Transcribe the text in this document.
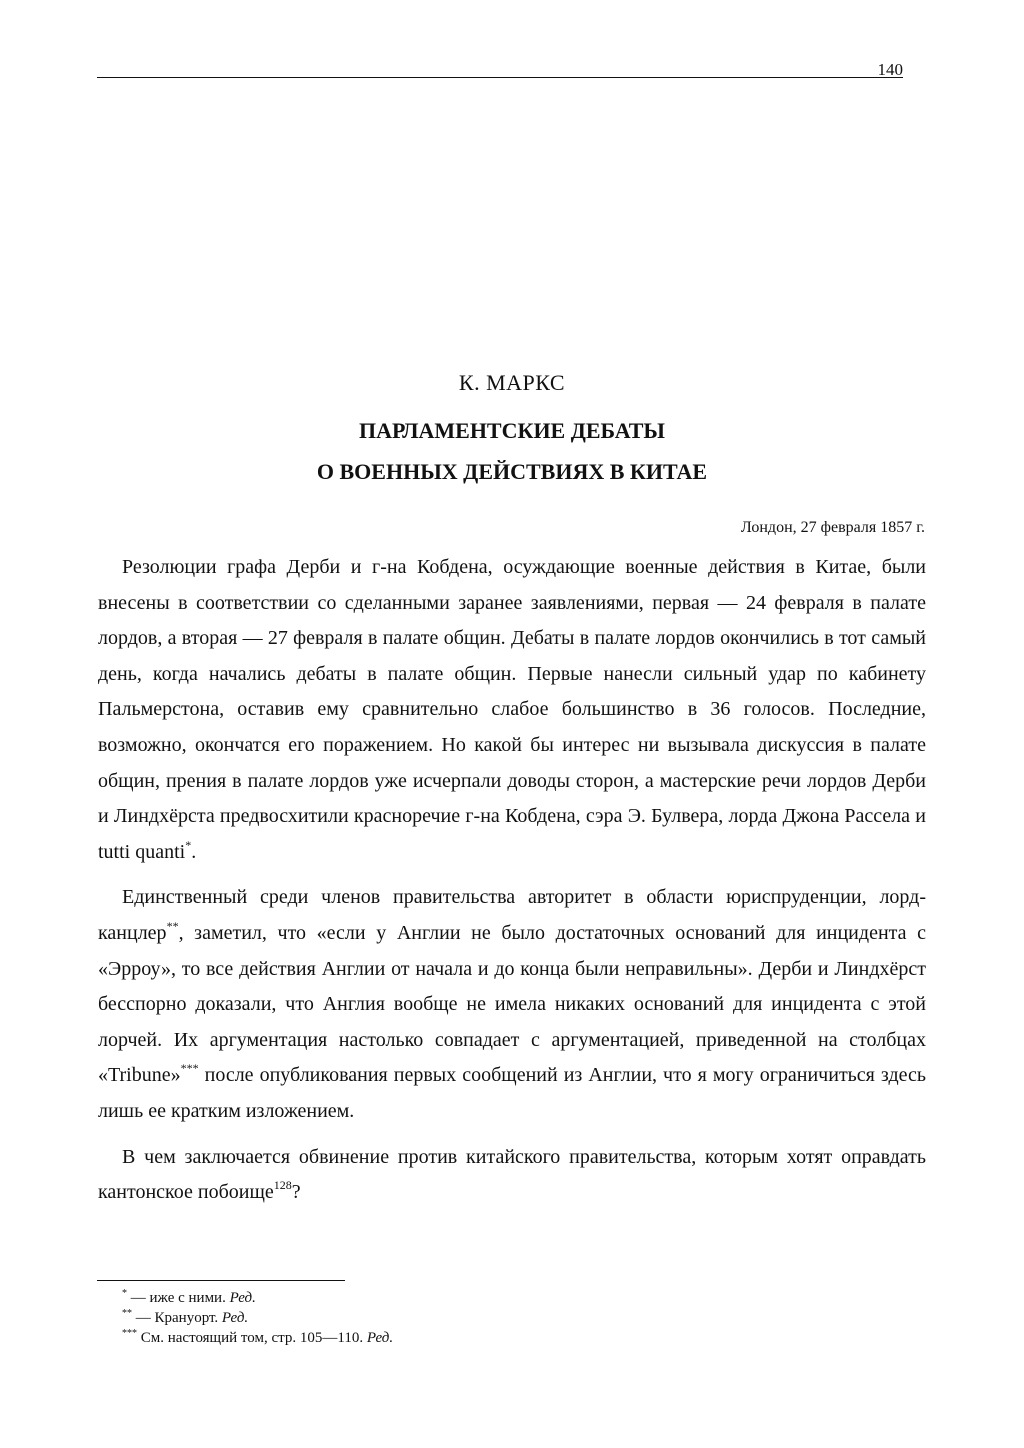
140
К. МАРКС
ПАРЛАМЕНТСКИЕ ДЕБАТЫ
О ВОЕННЫХ ДЕЙСТВИЯХ В КИТАЕ
Лондон, 27 февраля 1857 г.

Резолюции графа Дерби и г-на Кобдена, осуждающие военные действия в Китае, были внесены в соответствии со сделанными заранее заявлениями, первая — 24 февраля в палате лордов, а вторая — 27 февраля в палате общин. Дебаты в палате лордов окончились в тот самый день, когда начались дебаты в палате общин. Первые нанесли сильный удар по кабинету Пальмерстона, оставив ему сравнительно слабое большинство в 36 голосов. Последние, возможно, окончатся его поражением. Но какой бы интерес ни вызывала дискуссия в палате общин, прения в палате лордов уже исчерпали доводы сторон, а мастерские речи лордов Дерби и Линдхёрста предвосхитили красноречие г-на Кобдена, сэра Э. Булвера, лорда Джона Рассела и tutti quanti*.

Единственный среди членов правительства авторитет в области юриспруденции, лорд-канцлер**, заметил, что «если у Англии не было достаточных оснований для инцидента с «Эрроу», то все действия Англии от начала и до конца были неправильны». Дерби и Линдхёрст бесспорно доказали, что Англия вообще не имела никаких оснований для инцидента с этой лорчей. Их аргументация настолько совпадает с аргументацией, приведенной на столбцах «Tribune»*** после опубликования первых сообщений из Англии, что я могу ограничиться здесь лишь ее кратким изложением.

В чем заключается обвинение против китайского правительства, которым хотят оправдать кантонское побоище$^{128}$?

* — иже с ними. Ред.
** — Кранyорт. Ред.
*** См. настоящий том, стр. 105—110. Ред.
